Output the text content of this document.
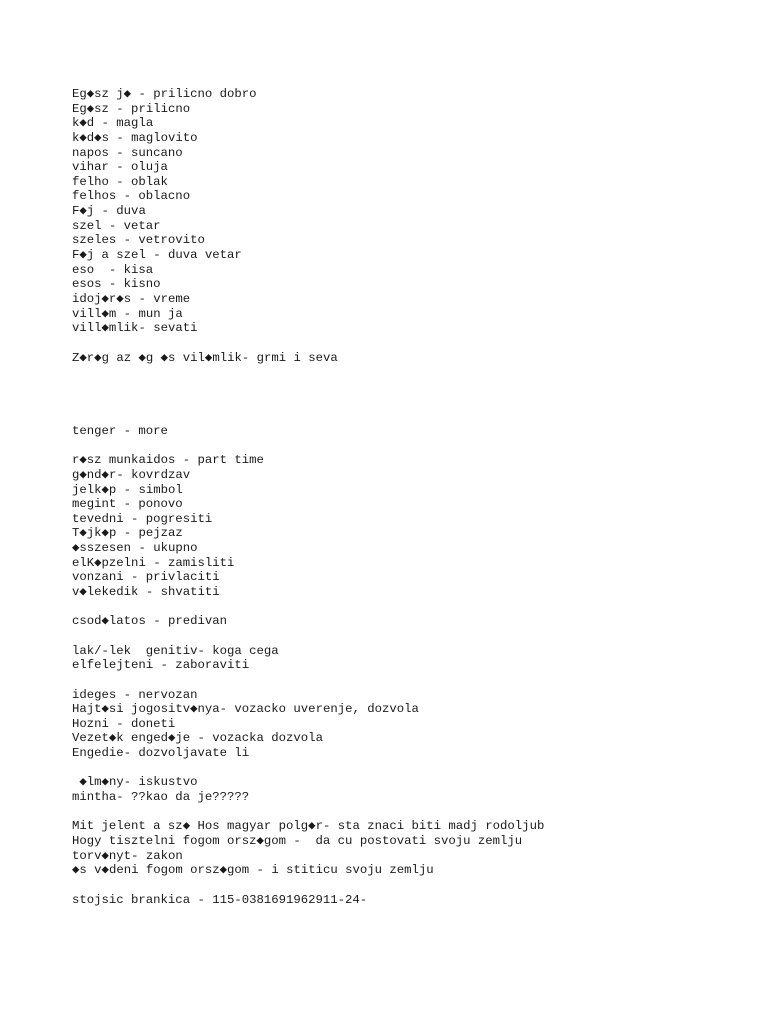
Eg◆sz j◆ - prilicno dobro
Eg◆sz - prilicno
k◆d - magla
k◆d◆s - maglovito
napos - suncano
vihar - oluja
felho - oblak
felhos - oblacno
F◆j - duva
szel - vetar
szeles - vetrovito
F◆j a szel - duva vetar
eso  - kisa
esos - kisno
idoj◆r◆s - vreme
vill◆m - mun ja
vill◆mlik- sevati
Z◆r◆g az ◆g ◆s vil◆mlik- grmi i seva
tenger - more
r◆sz munkaidos - part time
g◆nd◆r- kovrdzav
jelk◆p - simbol
megint - ponovo
tevedni - pogresiti
T◆jk◆p - pejzaz
◆sszesen - ukupno
elK◆pzelni - zamisliti
vonzani - privlaciti
v◆lekedik - shvatiti
csod◆latos - predivan
lak/-lek  genitiv- koga cega
elfelejteni - zaboraviti
ideges - nervozan
Hajt◆si jogositv◆nya- vozacko uverenje, dozvola
Hozni - doneti
Vezet◆k enged◆je - vozacka dozvola
Engedie- dozvoljavate li
◆lm◆ny- iskustvo
mintha- ??kao da je?????
Mit jelent a sz◆ Hos magyar polg◆r- sta znaci biti madj rodoljub
Hogy tisztelni fogom orsz◆gom -  da cu postovati svoju zemlju
torv◆nyt- zakon
◆s v◆deni fogom orsz◆gom - i stiticu svoju zemlju
stojsic brankica - 115-0381691962911-24-
